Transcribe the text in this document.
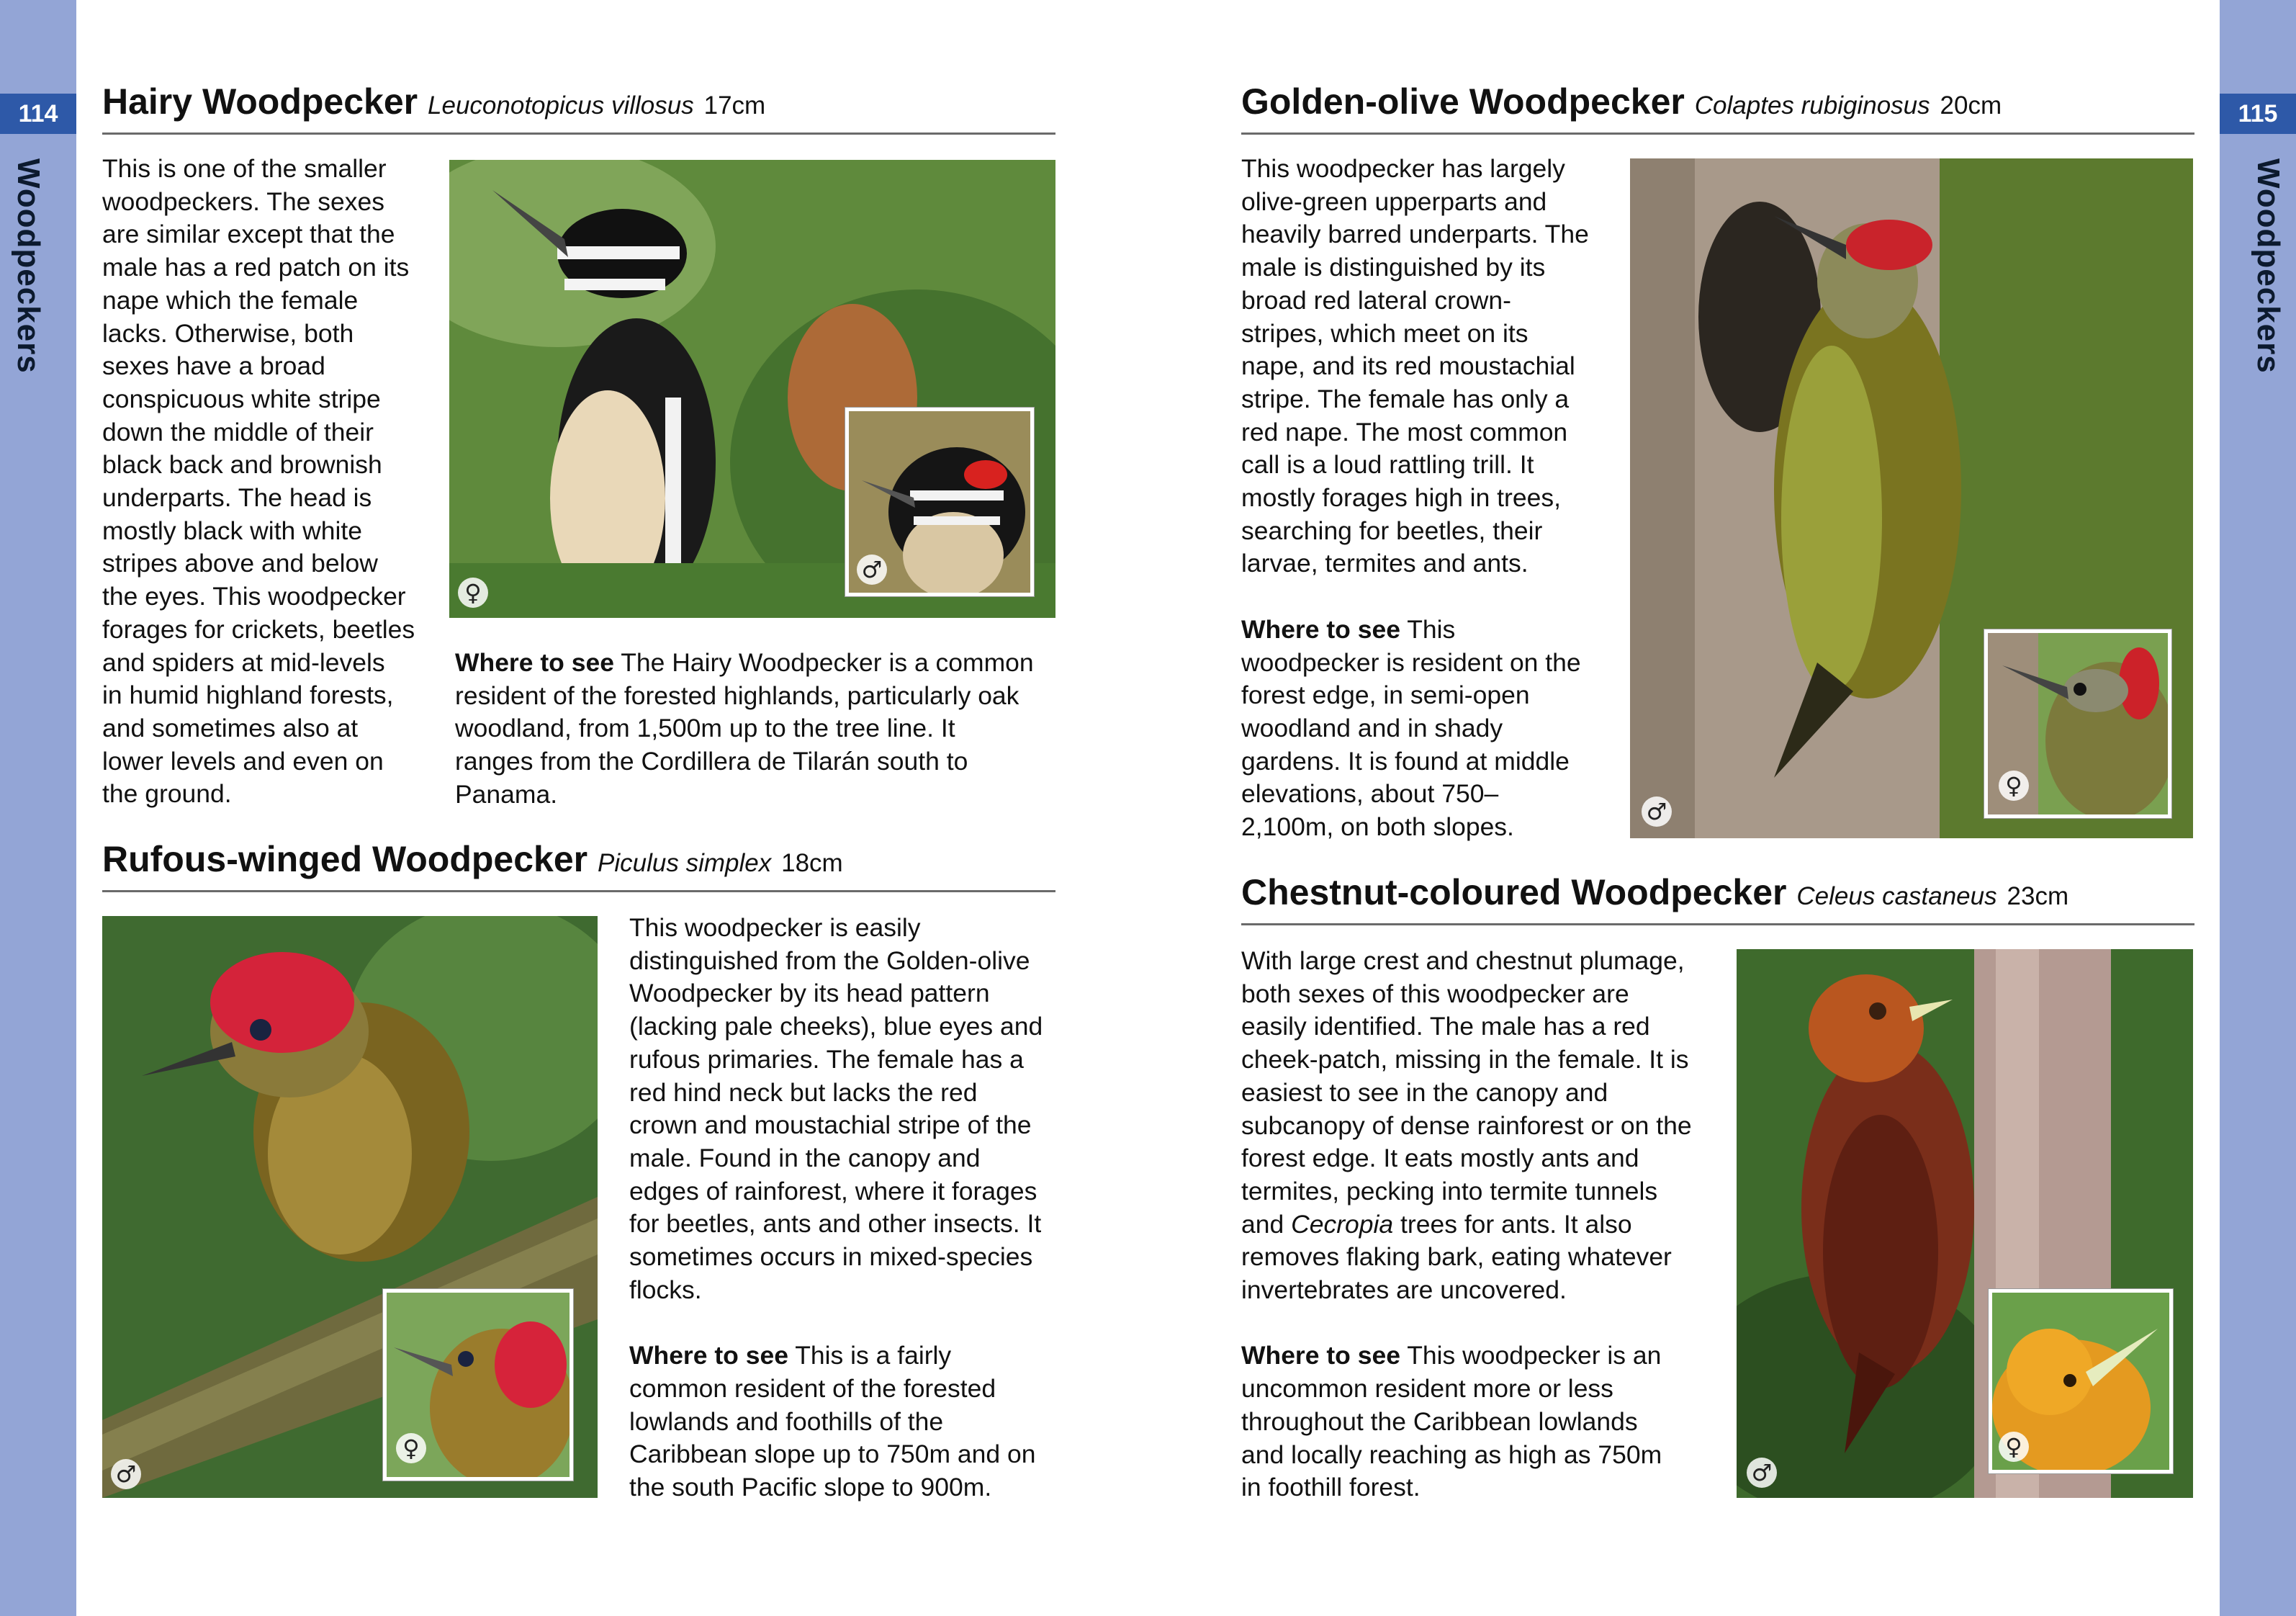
114	115
Woodpeckers	Woodpeckers
Hairy Woodpecker Leuconotopicus villosus 17cm

This is one of the smaller
woodpeckers. The sexes
are similar except that the
male has a red patch on its
nape which the female
lacks. Otherwise, both
sexes have a broad
conspicuous white stripe
down the middle of their
black back and brownish
underparts. The head is
mostly black with white
stripes above and below
the eyes. This woodpecker
forages for crickets, beetles
and spiders at mid-levels
in humid highland forests,
and sometimes also at
lower levels and even on
the ground.

♀
♂

Where to see The Hairy Woodpecker is a common
resident of the forested highlands, particularly oak
woodland, from 1,500m up to the tree line. It
ranges from the Cordillera de Tilarán south to
Panama.

Rufous-winged Woodpecker Piculus simplex 18cm
♂
♀

This woodpecker is easily
distinguished from the Golden-olive
Woodpecker by its head pattern
(lacking pale cheeks), blue eyes and
rufous primaries. The female has a
red hind neck but lacks the red
crown and moustachial stripe of the
male. Found in the canopy and
edges of rainforest, where it forages
for beetles, ants and other insects. It
sometimes occurs in mixed-species
flocks.

Where to see This is a fairly
common resident of the forested
lowlands and foothills of the
Caribbean slope up to 750m and on
the south Pacific slope to 900m.

Golden-olive Woodpecker Colaptes rubiginosus 20cm

This woodpecker has largely
olive-green upperparts and
heavily barred underparts. The
male is distinguished by its
broad red lateral crown-
stripes, which meet on its
nape, and its red moustachial
stripe. The female has only a
red nape. The most common
call is a loud rattling trill. It
mostly forages high in trees,
searching for beetles, their
larvae, termites and ants.

Where to see This
woodpecker is resident on the
forest edge, in semi-open
woodland and in shady
gardens. It is found at middle
elevations, about 750–
2,100m, on both slopes.

♂
♀
Chestnut-coloured Woodpecker Celeus castaneus 23cm

With large crest and chestnut plumage,
both sexes of this woodpecker are
easily identified. The male has a red
cheek-patch, missing in the female. It is
easiest to see in the canopy and
subcanopy of dense rainforest or on the
forest edge. It eats mostly ants and
termites, pecking into termite tunnels
and Cecropia trees for ants. It also
removes flaking bark, eating whatever
invertebrates are uncovered.

Where to see This woodpecker is an
uncommon resident more or less
throughout the Caribbean lowlands
and locally reaching as high as 750m
in foothill forest.

♂
♀
